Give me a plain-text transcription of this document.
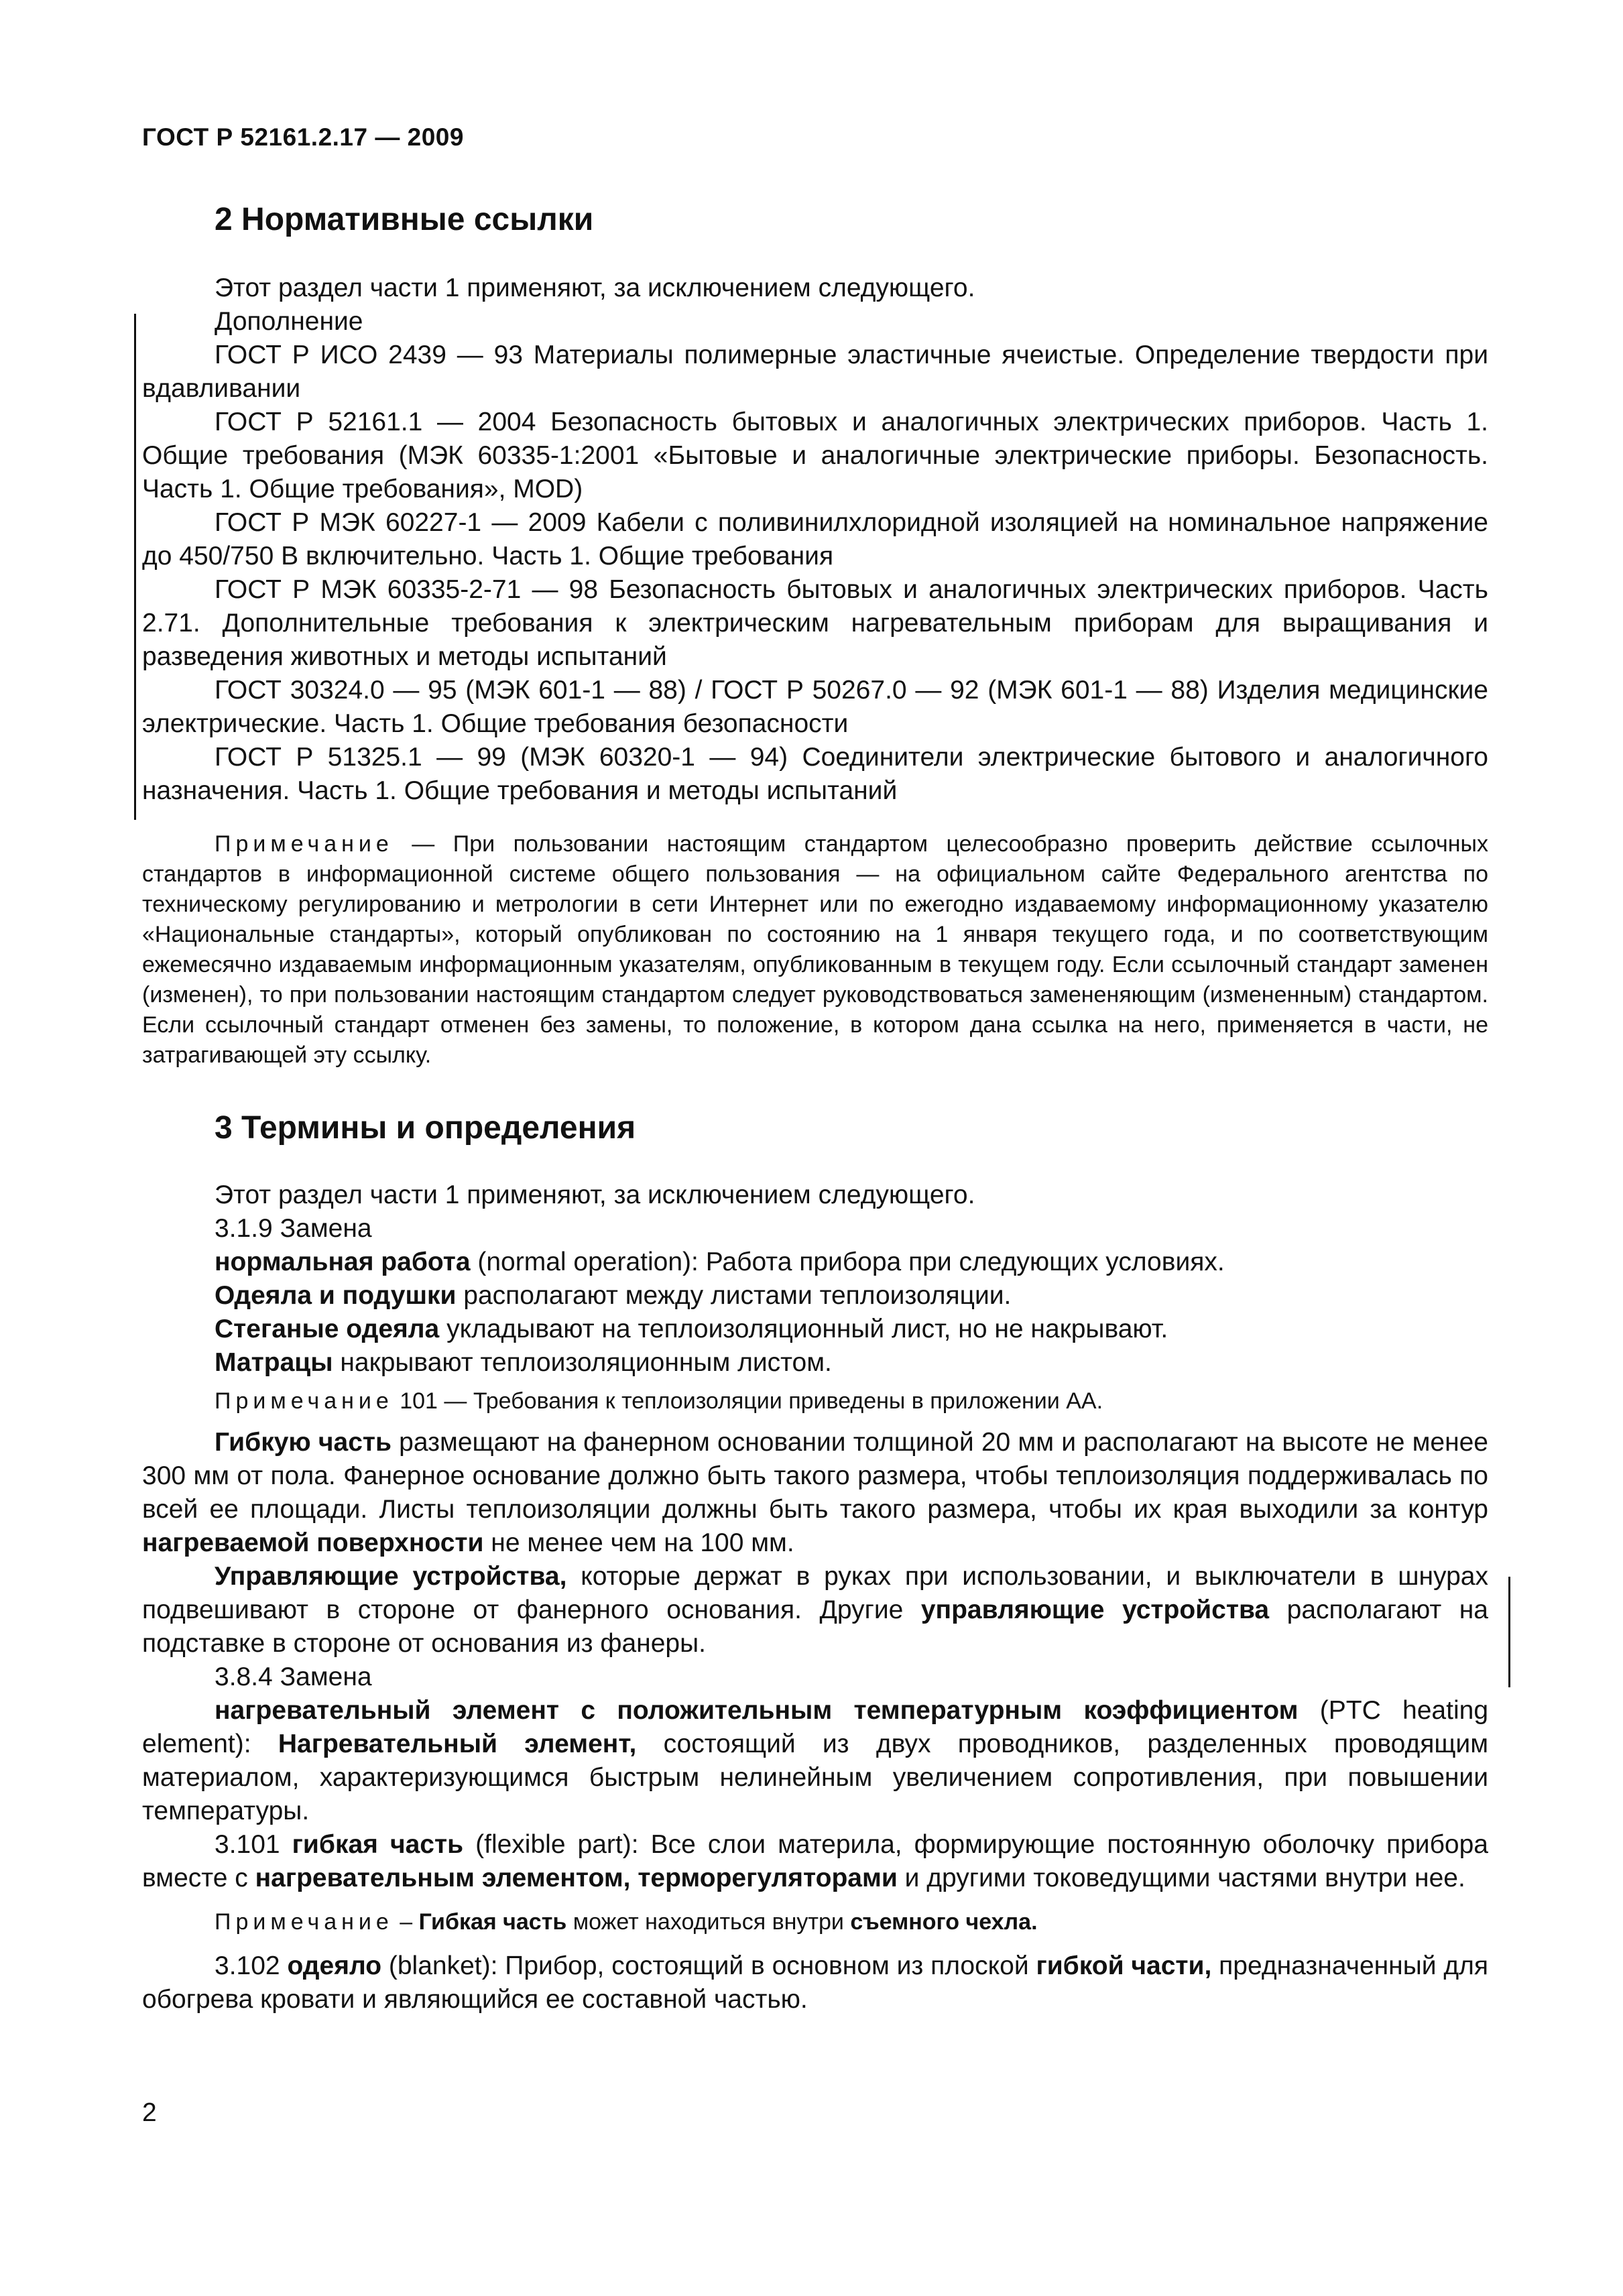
ГОСТ Р 52161.2.17 — 2009
2 Нормативные ссылки

Этот раздел части 1 применяют, за исключением следующего.

Дополнение

ГОСТ Р ИСО 2439 — 93 Материалы полимерные эластичные ячеистые. Определение твердости при вдавливании

ГОСТ Р 52161.1 — 2004 Безопасность бытовых и аналогичных электрических приборов. Часть 1. Общие требования (МЭК 60335-1:2001 «Бытовые и аналогичные электрические приборы. Безопасность. Часть 1. Общие требования», MOD)

ГОСТ Р МЭК 60227-1 — 2009 Кабели с поливинилхлоридной изоляцией на номинальное напряжение до 450/750 В включительно. Часть 1. Общие требования

ГОСТ Р МЭК 60335-2-71 — 98 Безопасность бытовых и аналогичных электрических приборов. Часть 2.71. Дополнительные требования к электрическим нагревательным приборам для выращивания и разведения животных и методы испытаний

ГОСТ 30324.0 — 95 (МЭК 601-1 — 88) / ГОСТ Р 50267.0 — 92 (МЭК 601-1 — 88) Изделия медицинские электрические. Часть 1. Общие требования безопасности

ГОСТ Р 51325.1 — 99 (МЭК 60320-1 — 94) Соединители электрические бытового и аналогичного назначения. Часть 1. Общие требования и методы испытаний

Примечание — При пользовании настоящим стандартом целесообразно проверить действие ссылочных стандартов в информационной системе общего пользования — на официальном сайте Федерального агентства по техническому регулированию и метрологии в сети Интернет или по ежегодно издаваемому информационному указателю «Национальные стандарты», который опубликован по состоянию на 1 января текущего года, и по соответствующим ежемесячно издаваемым информационным указателям, опубликованным в текущем году. Если ссылочный стандарт заменен (изменен), то при пользовании настоящим стандартом следует руководствоваться замененяющим (измененным) стандартом. Если ссылочный стандарт отменен без замены, то положение, в котором дана ссылка на него, применяется в части, не затрагивающей эту ссылку.

3 Термины и определения

Этот раздел части 1 применяют, за исключением следующего.

3.1.9 Замена

нормальная работа (normal operation): Работа прибора при следующих условиях.

Одеяла и подушки располагают между листами теплоизоляции.

Стеганые одеяла укладывают на теплоизоляционный лист, но не накрывают.

Матрацы накрывают теплоизоляционным листом.

Примечание 101 — Требования к теплоизоляции приведены в приложении АА.

Гибкую часть размещают на фанерном основании толщиной 20 мм и располагают на высоте не менее 300 мм от пола. Фанерное основание должно быть такого размера, чтобы теплоизоляция поддерживалась по всей ее площади. Листы теплоизоляции должны быть такого размера, чтобы их края выходили за контур нагреваемой поверхности не менее чем на 100 мм.

Управляющие устройства, которые держат в руках при использовании, и выключатели в шнурах подвешивают в стороне от фанерного основания. Другие управляющие устройства располагают на подставке в стороне от основания из фанеры.

3.8.4 Замена

нагревательный элемент с положительным температурным коэффициентом (PTC heating element): Нагревательный элемент, состоящий из двух проводников, разделенных проводящим материалом, характеризующимся быстрым нелинейным увеличением сопротивления, при повышении температуры.

3.101 гибкая часть (flexible part): Все слои материла, формирующие постоянную оболочку прибора вместе с нагревательным элементом, терморегуляторами и другими токоведущими частями внутри нее.

Примечание – Гибкая часть может находиться внутри съемного чехла.

3.102 одеяло (blanket): Прибор, состоящий в основном из плоской гибкой части, предназначенный для обогрева кровати и являющийся ее составной частью.

2
